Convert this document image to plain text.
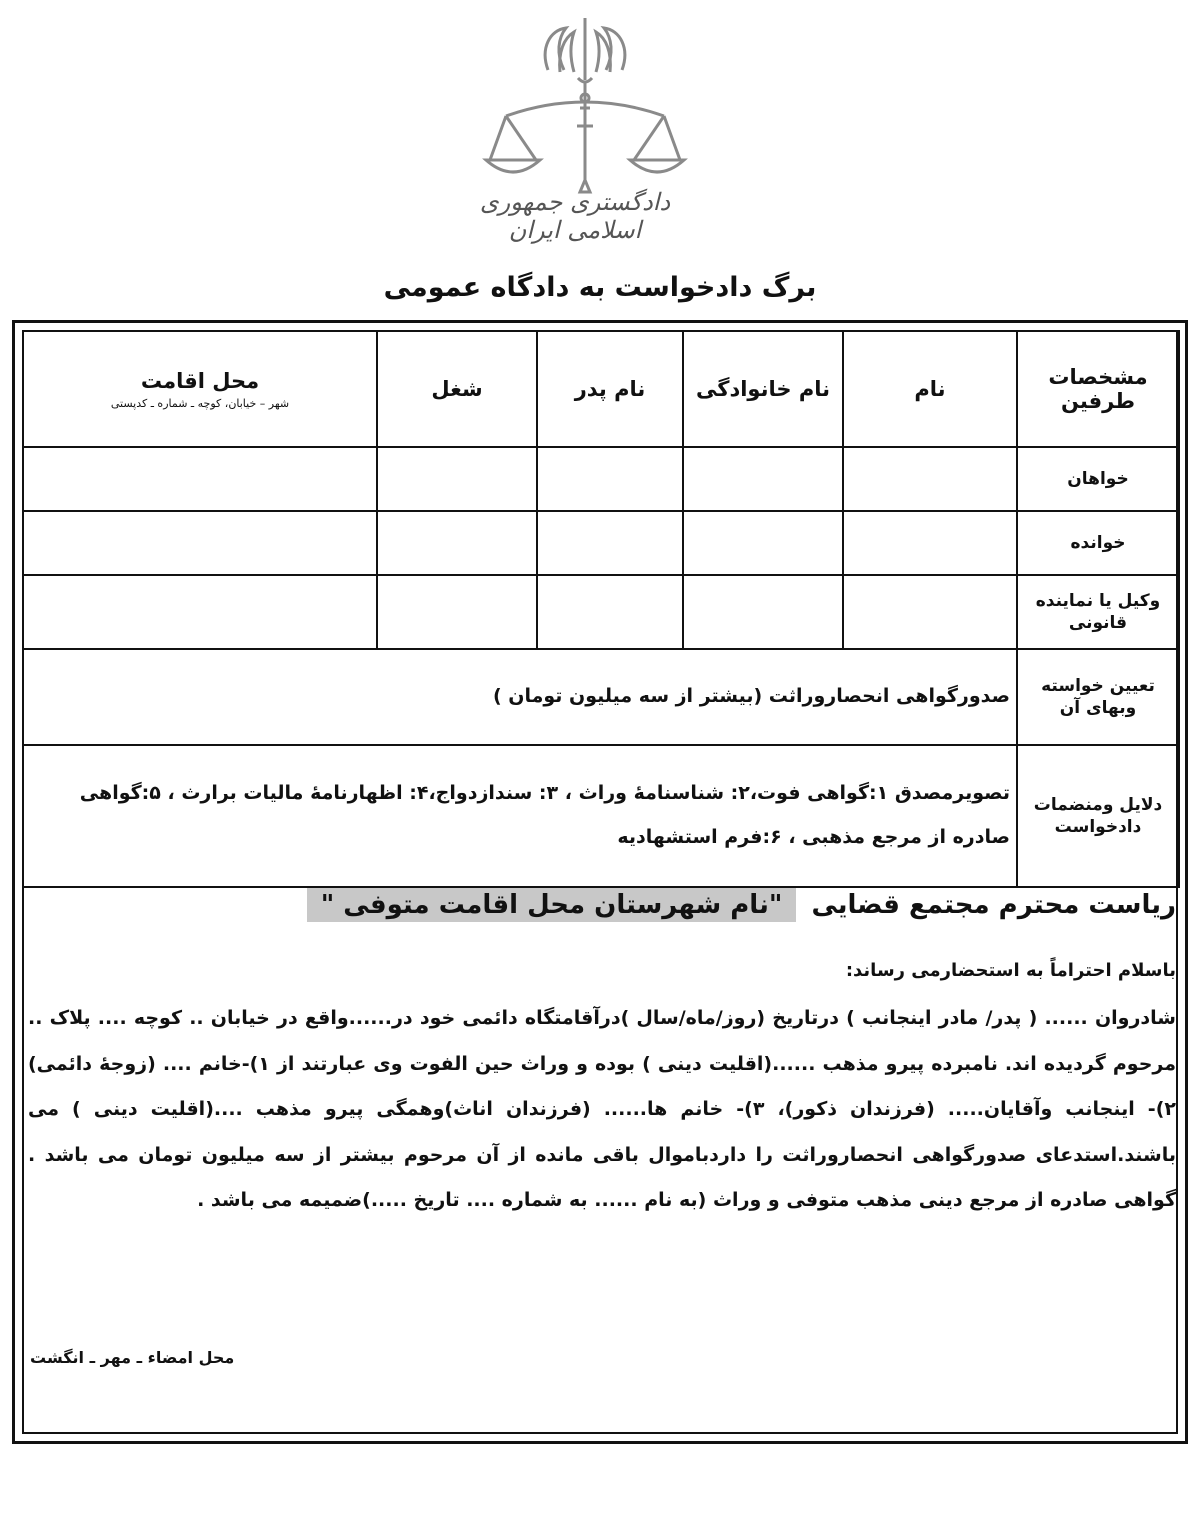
دادگستری جمهوری اسلامی ایران
برگ دادخواست به دادگاه عمومی
مشخصات طرفین	نام	نام خانوادگی	نام پدر	شغل	محل اقامت
شهر – خیابان، کوچه ـ شماره ـ کدپستی

خواهان					
خوانده					
وکیل یا نماینده قانونی					
تعیین خواسته وبهای آن	صدورگواهی انحصاروراثت (بیشتر از سه میلیون تومان )				
دلایل ومنضمات دادخواست	تصویرمصدق ۱:گواهی فوت،۲: شناسنامهٔ وراث ، ۳: سندازدواج،۴: اظهارنامهٔ مالیات برارث ، ۵:گواهی صادره از مرجع مذهبی ، ۶:فرم استشهادیه				
ریاست محترم مجتمع قضایی "نام شهرستان محل اقامت متوفی "
باسلام احتراماً به استحضارمی رساند:
شادروان ...... ( پدر/ مادر اینجانب ) درتاریخ (روز/ماه/سال )درآقامتگاه دائمی خود در......واقع در خیابان .. کوچه .... پلاک .. مرحوم گردیده اند. نامبرده پیرو مذهب ......(اقلیت دینی ) بوده و وراث حین الفوت وی عبارتند از ۱)-خانم .... (زوجهٔ دائمی) ۲)- اینجانب وآقایان..... (فرزندان ذکور)، ۳)- خانم ها...... (فرزندان اناث)وهمگی پیرو مذهب ....(اقلیت دینی ) می باشند.استدعای صدورگواهی انحصاروراثت را داردباموال باقی مانده از آن مرحوم بیشتر از سه میلیون تومان می باشد . گواهی صادره از مرجع دینی مذهب متوفی و وراث (به نام ...... به شماره .... تاریخ .....)ضمیمه می باشد .
محل امضاء ـ مهر ـ انگشت
